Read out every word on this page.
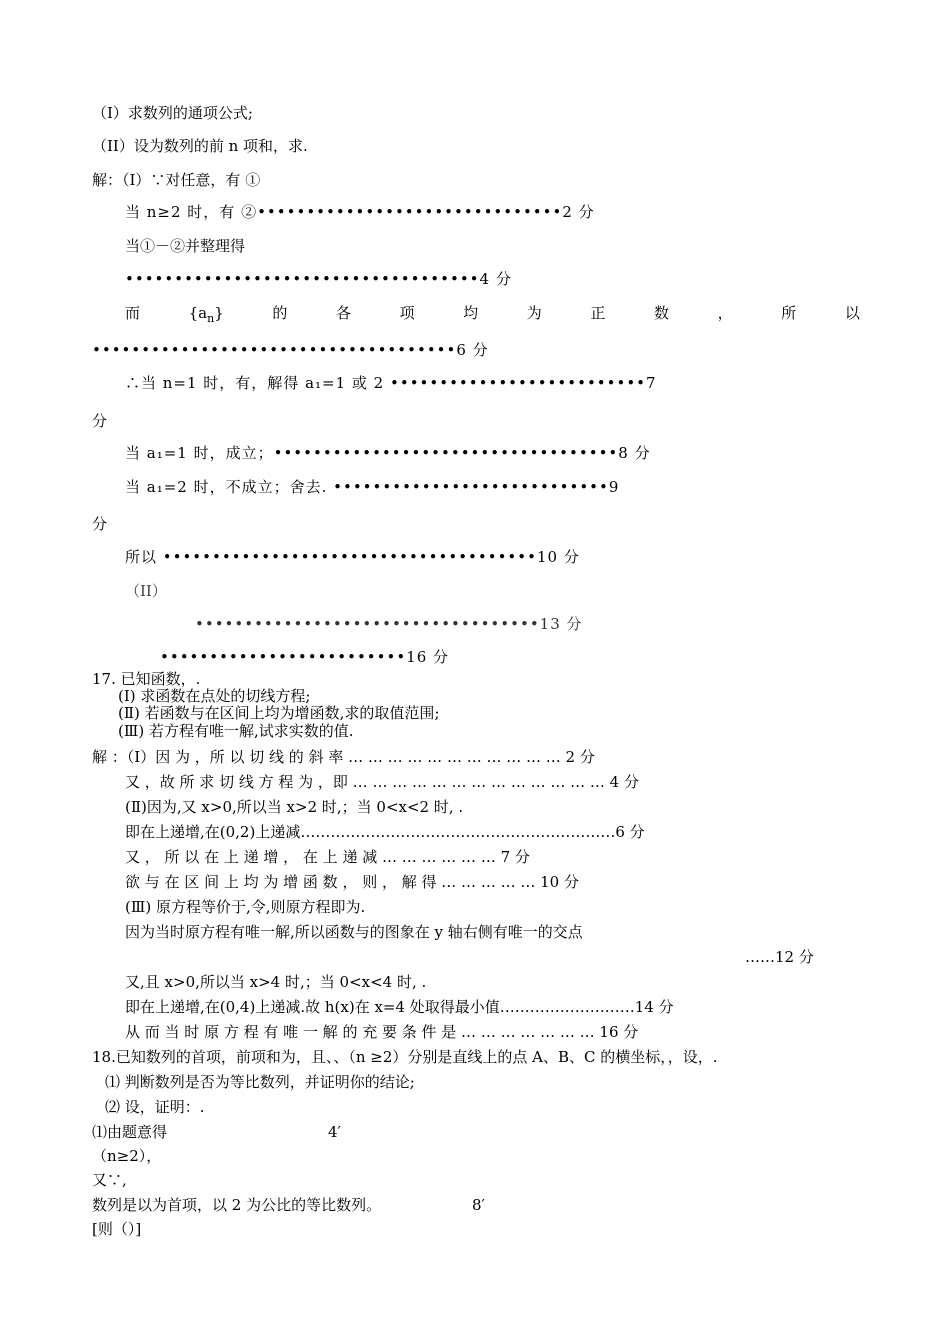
（I）求数列的通项公式;
（II）设为数列的前 n 项和，求.
解：（I）∵对任意，有 ①
当 n≥2 时，有 ②•••••••••••••••••••••••••••••••2 分
当①－②并整理得
••••••••••••••••••••••••••••••••••••4 分
而	$\{a_n\}$	的	各	项	均	为	正	数	，	所	以
•••••••••••••••••••••••••••••••••••••6 分
∴当 n=1 时，有，解得 a₁=1 或 2 ••••••••••••••••••••••••••7
分
当 a₁=1 时，成立；•••••••••••••••••••••••••••••••••••8 分
当 a₁=2 时，不成立；舍去. ••••••••••••••••••••••••••••9
分
所以 ••••••••••••••••••••••••••••••••••••••10 分
（II）
•••••••••••••••••••••••••••••••••••13 分
•••••••••••••••••••••••••16 分
17. 已知函数，.
(Ⅰ) 求函数在点处的切线方程;
(Ⅱ) 若函数与在区间上均为增函数,求的取值范围;
(Ⅲ) 若方程有唯一解,试求实数的值.
解 ：（I）因 为 ，所 以 切 线 的 斜 率 … … … … … … … … … … … 2 分
又 ，故 所 求 切 线 方 程 为 ，即 … … … … … … … … … … … … … 4 分
(Ⅱ)因为,又 x>0,所以当 x>2 时,；当 0<x<2 时, .
即在上递增,在(0,2)上递减………………………………………………………6 分
又 ， 所 以 在 上 递 增 ， 在 上 递 减 … … … … … … 7 分
欲 与 在 区 间 上 均 为 增 函 数 ， 则 ， 解 得 … … … … … 10 分
(Ⅲ) 原方程等价于,令,则原方程即为.
因为当时原方程有唯一解,所以函数与的图象在 y 轴右侧有唯一的交点
……12 分
又,且 x>0,所以当 x>4 时,；当 0<x<4 时, .
即在上递增,在(0,4)上递减.故 h(x)在 x=4 处取得最小值………………………14 分
从 而 当 时 原 方 程 有 唯 一 解 的 充 要 条 件 是 … … … … … … … 16 分
18.已知数列的首项，前项和为，且、、（n ≥2）分别是直线上的点 A、B、C 的横坐标，，设，.
⑴ 判断数列是否为等比数列，并证明你的结论;
⑵ 设，证明：.
⑴由题意得	4′
（n≥2），
又∵,
数列是以为首项，以 2 为公比的等比数列。	8′
[则（）]
